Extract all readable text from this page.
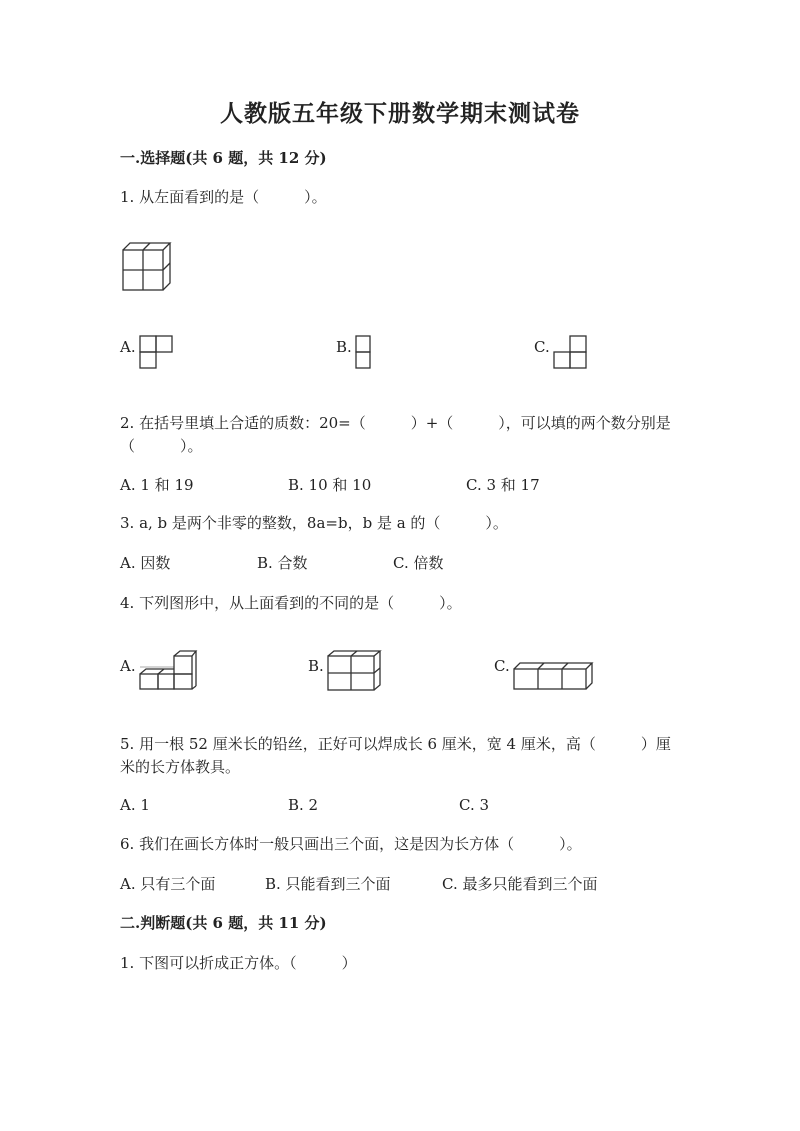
人教版五年级下册数学期末测试卷
一.选择题(共 6 题，共 12 分)
1. 从左面看到的是（　　　）。
A.	B.	C.
2. 在括号里填上合适的质数：20=（　　　）+（　　　），可以填的两个数分别是
（　　　）。
A. 1 和 19	B. 10 和 10	C. 3 和 17
3. a, b 是两个非零的整数，8a=b，b 是 a 的（　　　）。
A. 因数	B. 合数	C. 倍数
4. 下列图形中，从上面看到的不同的是（　　　）。
A.	B.	C.
5. 用一根 52 厘米长的铅丝，正好可以焊成长 6 厘米，宽 4 厘米，高（　　　）厘
米的长方体教具。
A. 1	B. 2	C. 3
6. 我们在画长方体时一般只画出三个面，这是因为长方体（　　　）。
A. 只有三个面	B. 只能看到三个面	C. 最多只能看到三个面
二.判断题(共 6 题，共 11 分)
1. 下图可以折成正方体。（　　　）
